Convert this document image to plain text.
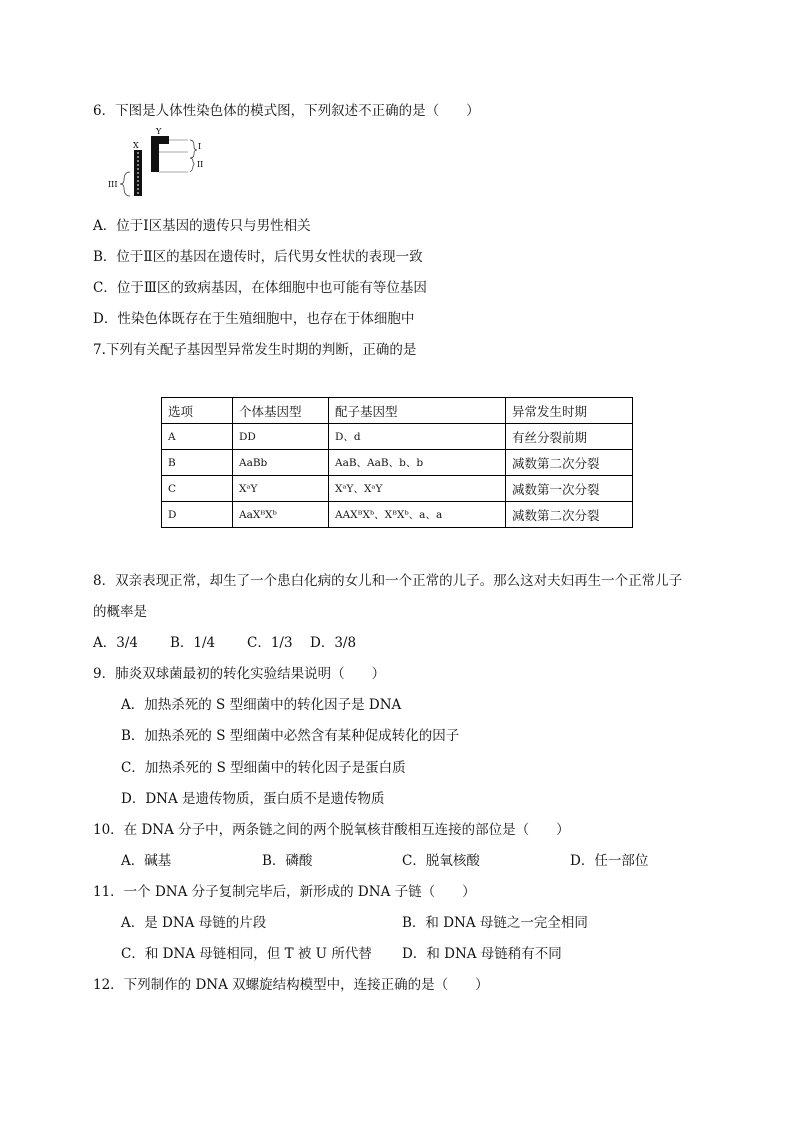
6．下图是人体性染色体的模式图，下列叙述不正确的是（　　）
X
Y
I
II
III
A．位于Ⅰ区基因的遗传只与男性相关
B．位于Ⅱ区的基因在遗传时，后代男女性状的表现一致
C．位于Ⅲ区的致病基因，在体细胞中也可能有等位基因
D．性染色体既存在于生殖细胞中，也存在于体细胞中
7.下列有关配子基因型异常发生时期的判断，正确的是
选项	个体基因型	配子基因型	异常发生时期
A	DD	D、d	有丝分裂前期
B	AaBb	AaB、AaB、b、b	减数第二次分裂
C	XᵃY	XᵃY、XᵃY	减数第一次分裂
D	AaXᴮXᵇ	AAXᴮXᵇ、XᴮXᵇ、a、a	减数第二次分裂
8．双亲表现正常，却生了一个患白化病的女儿和一个正常的儿子。那么这对夫妇再生一个正常儿子
的概率是
A．3/4 B．1/4 C．1/3 D．3/8
9．肺炎双球菌最初的转化实验结果说明（　　）
A．加热杀死的 S 型细菌中的转化因子是 DNA
B．加热杀死的 S 型细菌中必然含有某种促成转化的因子
C．加热杀死的 S 型细菌中的转化因子是蛋白质
D．DNA 是遗传物质，蛋白质不是遗传物质
10．在 DNA 分子中，两条链之间的两个脱氧核苷酸相互连接的部位是（　　）
A．碱基	B．磷酸	C．脱氧核酸	D．任一部位
11．一个 DNA 分子复制完毕后，新形成的 DNA 子链（　　）
A．是 DNA 母链的片段	B．和 DNA 母链之一完全相同
C．和 DNA 母链相同，但 T 被 U 所代替 D．和 DNA 母链稍有不同
12．下列制作的 DNA 双螺旋结构模型中，连接正确的是（　　）
